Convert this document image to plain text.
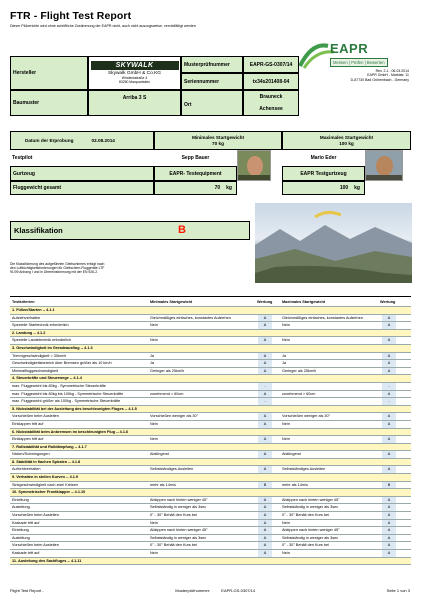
FTR - Flight Test Report
Dieser Flüberichte wird ohne schriftliche Zustimmung der EAPR nicht, auch nicht auszugsweise, vervielfältigt werden
EAPR
Messen | Prüfen | Bewerten
Rev. 2.1 - 06.03.2014
EAPR GmbH - Marktstr. 11
D-87730 Bad Grönenbach - Germany
Hersteller
SKYWALK
Skywalk GmbH & Co.KG
Windeckstraße 4
83250 Marquartstein
Musterprüfnummer	EAPR-GS-0307/14
Seriennummer	tx34s201408-04
Baumuster
Arriba 3 S
Ort
Brauneck
Achensee
Datum der Erprobung	03.08.2014
Minimales Startgewicht
70 kg
Maximales Startgewicht
100 kg
Testpilot	Sepp Bauer	Mario Eder
Gurtzeug	EAPR- Testequipment	EAPR Testgurtzeug
Fluggewicht gesamt	70 kg	100 kg
Klassifikation	B
Die Klassifizierung des aufgeführten Gleitschirmes erfolgt nach den Lufttüchtigkeitsforderungen für Gleitschirm-Fluggeräte LTF 91/09 Anhang I und in Übereinstimmung mit der EN 926-2.
Testkriterien	Minimales Startgewicht	Wertung	Maximales Startgewicht	Wertung
1. Füllen/Starten -- 4.1.1
Aufziehverhalten	Gleichmäßiges einfaches, konstantes Aufziehen	A	Gleichmäßiges einfaches, konstantes Aufziehen	A
Spezielle Starttechnik erforderlich	Nein	A	Nein	A
2. Landung -- 4.1.2
Spezielle Landetechnik erforderlich	Nein	A	Nein	A
3. Geschwindigkeit im Geradeausflug -- 4.1.3
Trimmgeschwindigkeit > 30km/h	Ja	A	Ja	A
Geschwindigkeitsbereich über Bremsen größer als 10 km/h	Ja	A	Ja	A
Minimalfluggeschwindigkeit	Geringer als 25km/h	A	Geringer als 25km/h	A
4. Steuerkräfte und Steuerwege -- 4.1.4
max. Fluggewicht bis 80kg - Symmetrische Steuerkräfte	-	-
max. Fluggewicht bis 80kg bis 100kg - Symmetrische Steuerkräfte	zunehmend > 60cm	A	zunehmend > 60cm	A
max. Fluggewicht größer als 100kg - Symmetrische Steuerkräfte	-	-
5. Nickstabilität bei der Ausleitung des beschleunigten Fluges -- 4.1.5
Vorschießen beim Ausleiten	Vorschießen weniger als 30°	A	Vorschießen weniger als 30°	A
Einklappen tritt auf	Nein	A	Nein	A
6. Nickstabilität beim Anbremsen im beschleunigten Flug -- 4.1.6
Einklappen tritt auf	Nein	A	Nein	A
7. Rollstabilität und Rolldämpfung -- 4.1.7
Nicken/Schwingungen	Abklingend	A	Abklingend	A
8. Stabilität in flachen Spiralen -- 4.1.8
Aufrichtverhalten	Selbstständiges Ausleiten	A	Selbstständiges Ausleiten	A
9. Verhalten in steilen Kurven -- 4.1.9
Sinkgeschwindigkeit nach zwei Kreisen	mehr als 14m/s	B	mehr als 14m/s	B
10. Symmetrischer Frontklapper -- 4.1.10
Einleitung	Abkippen nach hinten weniger 45°	A	Abkippen nach hinten weniger 45°	A
Ausleitung	Selbstständig in weniger als 3sec	A	Selbstständig in weniger als 3sec	A
Vorschießen beim Ausleiten	0° - 30° Behält den Kurs bei	A	0° - 30° Behält den Kurs bei	A
Kaskade tritt auf	Nein	A	Nein	A
Einleitung	Abkippen nach hinten weniger 45°	A	Abkippen nach hinten weniger 45°	A
Ausleitung	Selbstständig in weniger als 3sec	A	Selbstständig in weniger als 3sec	A
Vorschießen beim Ausleiten	0° - 30° Behält den Kurs bei	A	0° - 30° Behält den Kurs bei	A
Kaskade tritt auf	Nein	A	Nein	A
11. Ausleitung des Sackfluges -- 4.1.11
Flight Test Report -	Musterprüfnummer:	EAPR-GS-0307/14	Seite 1 von 3
